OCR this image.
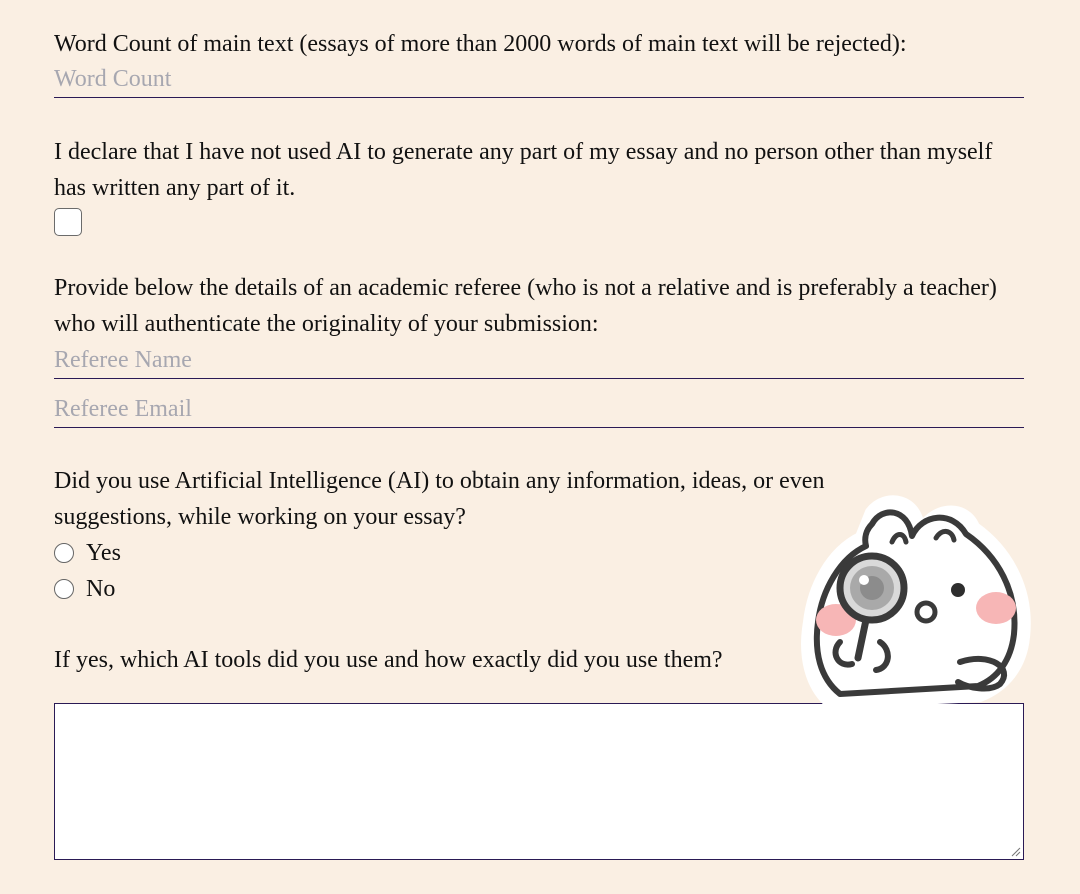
Word Count of main text (essays of more than 2000 words of main text will be rejected):

Word Count

I declare that I have not used AI to generate any part of my essay and no person other than myself has written any part of it.

Provide below the details of an academic referee (who is not a relative and is preferably a teacher) who will authenticate the originality of your submission:

Referee Name
Referee Email

Did you use Artificial Intelligence (AI) to obtain any information, ideas, or even suggestions, while working on your essay?

Yes
No

If yes, which AI tools did you use and how exactly did you use them?
